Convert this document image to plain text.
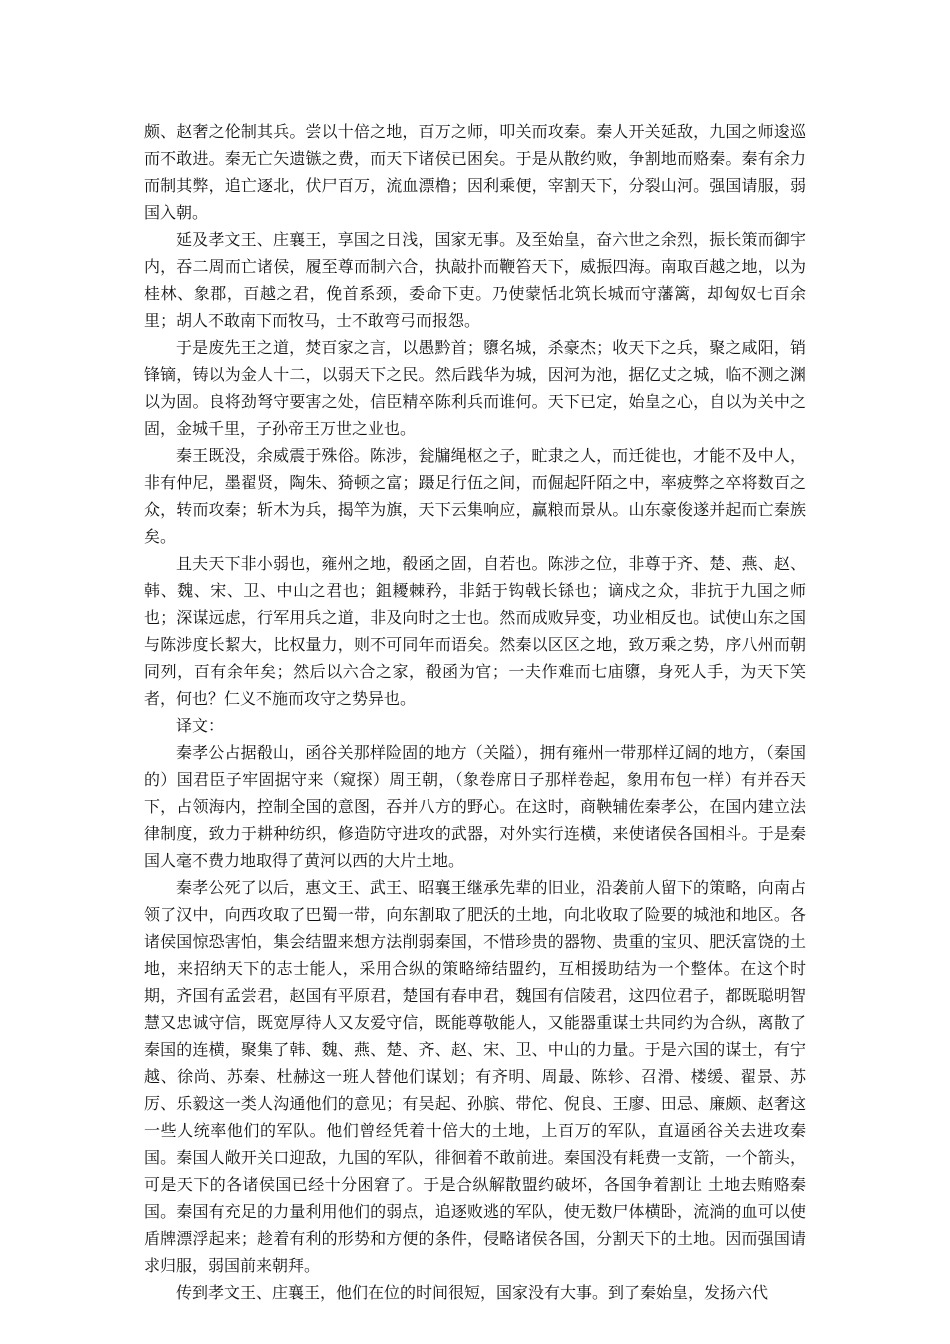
颇、赵奢之伦制其兵。尝以十倍之地，百万之师，叩关而攻秦。秦人开关延敌，九国之师逡巡而不敢进。秦无亡矢遗镞之费，而天下诸侯已困矣。于是从散约败，争割地而赂秦。秦有余力而制其弊，追亡逐北，伏尸百万，流血漂橹；因利乘便，宰割天下，分裂山河。强国请服，弱国入朝。

延及孝文王、庄襄王，享国之日浅，国家无事。及至始皇，奋六世之余烈，振长策而御宇内，吞二周而亡诸侯，履至尊而制六合，执敲扑而鞭笞天下，威振四海。南取百越之地，以为桂林、象郡，百越之君，俛首系颈，委命下吏。乃使蒙恬北筑长城而守藩篱，却匈奴七百余里；胡人不敢南下而牧马，士不敢弯弓而报怨。

于是废先王之道，焚百家之言，以愚黔首；隳名城，杀豪杰；收天下之兵，聚之咸阳，销锋镝，铸以为金人十二，以弱天下之民。然后践华为城，因河为池，据亿丈之城，临不测之渊以为固。良将劲弩守要害之处，信臣精卒陈利兵而谁何。天下已定，始皇之心，自以为关中之固，金城千里，子孙帝王万世之业也。

秦王既没，余威震于殊俗。陈涉，瓮牖绳枢之子，甿隶之人，而迁徙也，才能不及中人，非有仲尼，墨翟贤，陶朱、猗顿之富；蹑足行伍之间，而倔起阡陌之中，率疲弊之卒将数百之众，转而攻秦；斩木为兵，揭竿为旗，天下云集响应，赢粮而景从。山东豪俊遂并起而亡秦族矣。

且夫天下非小弱也，雍州之地，殽函之固，自若也。陈涉之位，非尊于齐、楚、燕、赵、韩、魏、宋、卫、中山之君也；鉏耰棘矜，非銛于钩戟长铩也；谪戍之众，非抗于九国之师也；深谋远虑，行军用兵之道，非及向时之士也。然而成败异变，功业相反也。试使山东之国与陈涉度长絜大，比权量力，则不可同年而语矣。然秦以区区之地，致万乘之势，序八州而朝同列，百有余年矣；然后以六合之家，殽函为官；一夫作难而七庙隳，身死人手，为天下笑者，何也？仁义不施而攻守之势异也。

译文：

秦孝公占据殽山，函谷关那样险固的地方（关隘），拥有雍州一带那样辽阔的地方，（秦国的）国君臣子牢固据守来（窥探）周王朝，（象卷席日子那样卷起，象用布包一样）有并吞天下，占领海内，控制全国的意图，吞并八方的野心。在这时，商鞅辅佐秦孝公，在国内建立法律制度，致力于耕种纺织，修造防守进攻的武器，对外实行连横，来使诸侯各国相斗。于是秦国人毫不费力地取得了黄河以西的大片土地。

秦孝公死了以后，惠文王、武王、昭襄王继承先辈的旧业，沿袭前人留下的策略，向南占领了汉中，向西攻取了巴蜀一带，向东割取了肥沃的土地，向北收取了险要的城池和地区。各诸侯国惊恐害怕，集会结盟来想方法削弱秦国，不惜珍贵的器物、贵重的宝贝、肥沃富饶的土地，来招纳天下的志士能人，采用合纵的策略缔结盟约，互相援助结为一个整体。在这个时期，齐国有孟尝君，赵国有平原君，楚国有春申君，魏国有信陵君，这四位君子，都既聪明智慧又忠诚守信，既宽厚待人又友爱守信，既能尊敬能人，又能器重谋士共同约为合纵，离散了秦国的连横，聚集了韩、魏、燕、楚、齐、赵、宋、卫、中山的力量。于是六国的谋士，有宁越、徐尚、苏秦、杜赫这一班人替他们谋划；有齐明、周最、陈轸、召滑、楼缓、翟景、苏厉、乐毅这一类人沟通他们的意见；有吴起、孙膑、带佗、倪良、王廖、田忌、廉颇、赵奢这一些人统率他们的军队。他们曾经凭着十倍大的土地，上百万的军队，直逼函谷关去进攻秦国。秦国人敞开关口迎敌，九国的军队，徘徊着不敢前进。秦国没有耗费一支箭，一个箭头，可是天下的各诸侯国已经十分困窘了。于是合纵解散盟约破坏，各国争着割让 土地去贿赂秦国。秦国有充足的力量利用他们的弱点，追逐败逃的军队，使无数尸体横卧，流淌的血可以使盾牌漂浮起来；趁着有利的形势和方便的条件，侵略诸侯各国，分割天下的土地。因而强国请求归服，弱国前来朝拜。

传到孝文王、庄襄王，他们在位的时间很短，国家没有大事。到了秦始皇，发扬六代
